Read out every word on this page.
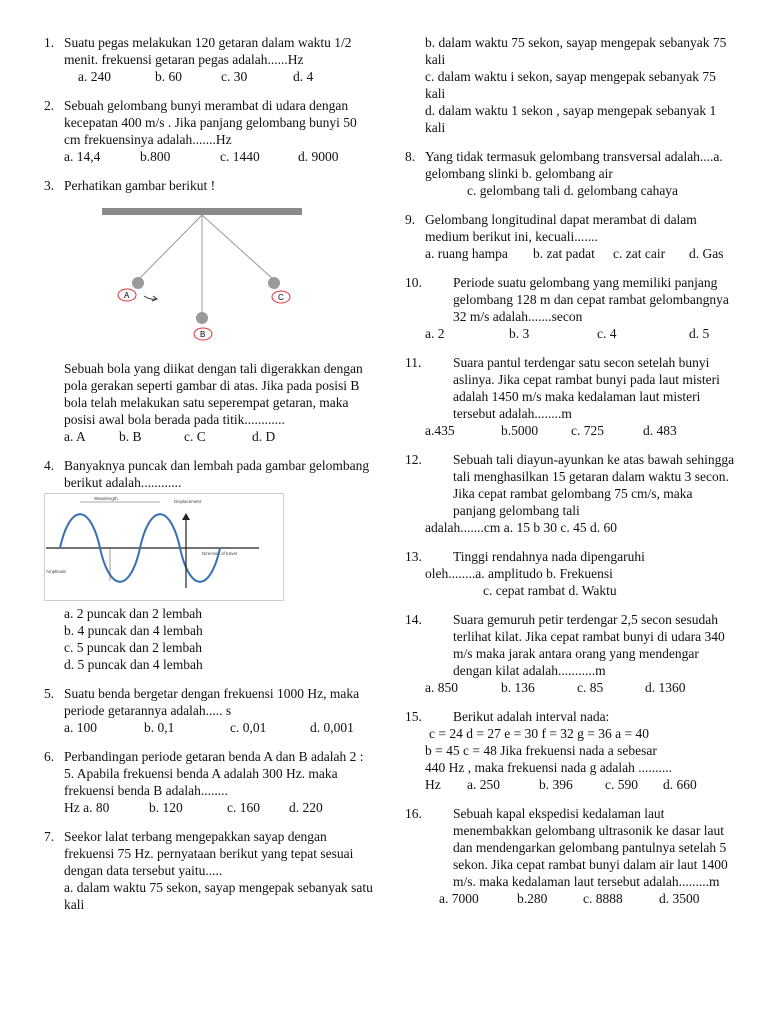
1. Suatu pegas melakukan 120 getaran dalam waktu 1/2 menit. frekuensi getaran pegas adalah......Hz
a. 240	b. 60	c. 30	d. 4
2. Sebuah gelombang bunyi merambat di udara dengan kecepatan 400 m/s . Jika panjang gelombang bunyi 50 cm frekuensinya adalah.......Hz
a. 14,4	b.800	c. 1440	d. 9000
3. Perhatikan gambar berikut !
A
B
C
Sebuah bola yang diikat dengan tali digerakkan dengan pola gerakan seperti gambar di atas. Jika pada posisi B bola telah melakukan satu seperempat getaran, maka posisi awal bola berada pada titik............
a. A	b. B	c. C	d. D
4. Banyaknya puncak dan lembah pada gambar gelombang berikut adalah............
Wavelength
Displacement
Direction of travel
Amplitude
a. 2 puncak dan 2 lembah
b. 4 puncak dan 4 lembah
c. 5 puncak dan 2 lembah
d. 5 puncak dan 4 lembah
5. Suatu benda bergetar dengan frekuensi 1000 Hz, maka periode getarannya adalah..... s
a. 100	b. 0,1	c. 0,01	d. 0,001
6. Perbandingan periode getaran benda A dan B adalah 2 : 5. Apabila frekuensi benda A adalah 300 Hz. maka frekuensi benda B adalah........
Hz a. 80	b. 120	c. 160	d. 220
7. Seekor lalat terbang mengepakkan sayap dengan frekuensi 75 Hz. pernyataan berikut yang tepat sesuai dengan data tersebut yaitu.....
a. dalam waktu 75 sekon, sayap mengepak sebanyak satu kali
b. dalam waktu 75 sekon, sayap mengepak sebanyak 75 kali
c. dalam waktu i sekon, sayap mengepak sebanyak 75 kali
d. dalam waktu 1 sekon , sayap mengepak sebanyak 1 kali
8. Yang tidak termasuk gelombang transversal adalah....a. gelombang slinki b. gelombang air
c. gelombang tali d. gelombang cahaya
9. Gelombang longitudinal dapat merambat di dalam medium berikut ini, kecuali.......
a. ruang hampa	b. zat padat	c. zat cair	d. Gas
10.	Periode suatu gelombang yang memiliki panjang gelombang 128 m dan cepat rambat gelombangnya 32 m/s adalah.......secon
a. 2	b. 3	c. 4	d. 5
11.	Suara pantul terdengar satu secon setelah bunyi aslinya. Jika cepat rambat bunyi pada laut misteri adalah 1450 m/s maka kedalaman laut misteri tersebut adalah........m
a.435	b.5000	c. 725	d. 483
12.	Sebuah tali diayun-ayunkan ke atas bawah sehingga tali menghasilkan 15 getaran dalam waktu 3 secon. Jika cepat rambat gelombang 75 cm/s, maka panjang gelombang tali
adalah.......cm a. 15 b 30 c. 45 d. 60
13.	Tinggi rendahnya nada dipengaruhi
oleh........a. amplitudo b. Frekuensi
c. cepat rambat d. Waktu
14.	Suara gemuruh petir terdengar 2,5 secon sesudah terlihat kilat. Jika cepat rambat bunyi di udara 340 m/s maka jarak antara orang yang mendengar dengan kilat adalah...........m
a. 850	b. 136	c. 85	d. 1360
15.	Berikut adalah interval nada:
c = 24 d = 27 e = 30 f = 32 g = 36 a = 40
b = 45 c = 48 Jika frekuensi nada a sebesar
440 Hz , maka frekuensi nada g adalah ..........
Hz	a. 250	b. 396	c. 590	d. 660
16.	Sebuah kapal ekspedisi kedalaman laut menembakkan gelombang ultrasonik ke dasar laut dan mendengarkan gelombang pantulnya setelah 5 sekon. Jika cepat rambat bunyi dalam air laut 1400 m/s. maka kedalaman laut tersebut adalah.........m
a. 7000	b.280	c. 8888	d. 3500
